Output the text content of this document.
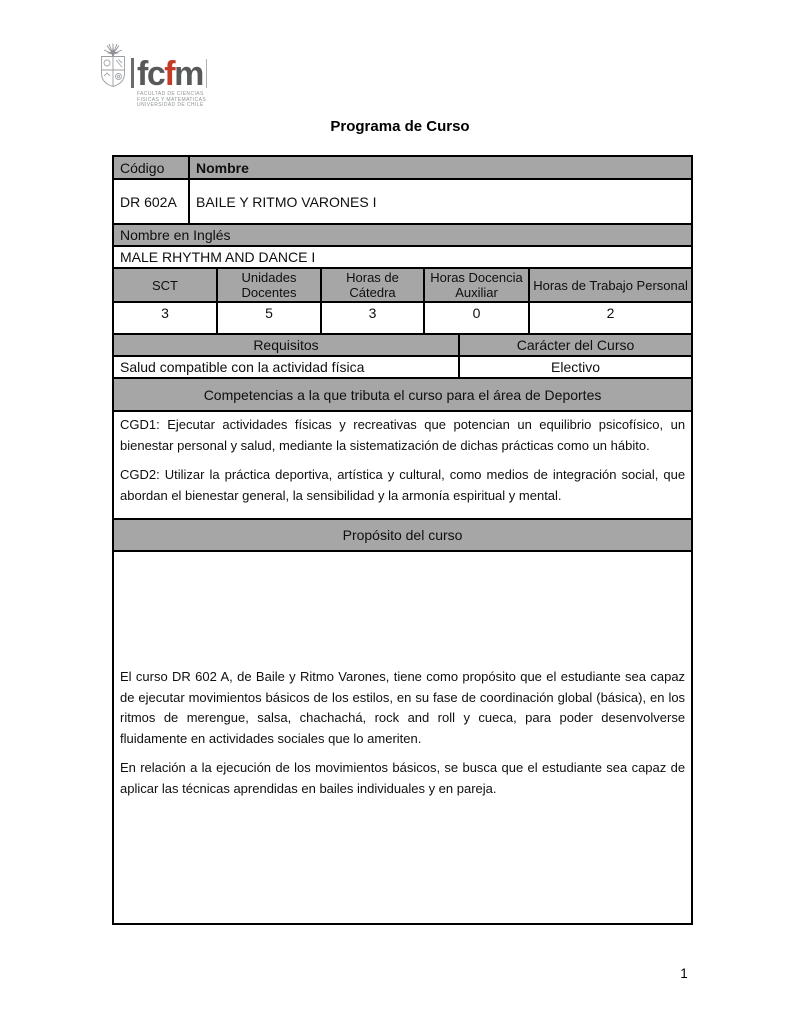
fcfm
FACULTAD DE CIENCIAS
FISICAS Y MATEMATICAS
UNIVERSIDAD DE CHILE
Programa de Curso
Código	Nombre					
DR 602A	BAILE Y RITMO VARONES I					
Nombre en Inglés						
MALE RHYTHM AND DANCE I						
SCT		Unidades Docentes	Horas de Cátedra	Horas Docencia Auxiliar		Horas de Trabajo Personal
3		5	3	0		2
Requisitos					Carácter del Curso	
Salud compatible con la actividad física					Electivo	
Competencias a la que tributa el curso para el área de Deportes						

CGD1: Ejecutar actividades físicas y recreativas que potencian un equilibrio psicofísico, un bienestar personal y salud, mediante la sistematización de dichas prácticas como un hábito.

CGD2: Utilizar la práctica deportiva, artística y cultural, como medios de integración social, que abordan el bienestar general, la sensibilidad y la armonía espiritual y mental.						

Propósito del curso						

El curso DR 602 A, de Baile y Ritmo Varones, tiene como propósito que el estudiante sea capaz de ejecutar movimientos básicos de los estilos, en su fase de coordinación global (básica), en los ritmos de merengue, salsa, chachachá, rock and roll y cueca, para poder desenvolverse fluidamente en actividades sociales que lo ameriten.

En relación a la ejecución de los movimientos básicos, se busca que el estudiante sea capaz de aplicar las técnicas aprendidas en bailes individuales y en pareja.						

1
